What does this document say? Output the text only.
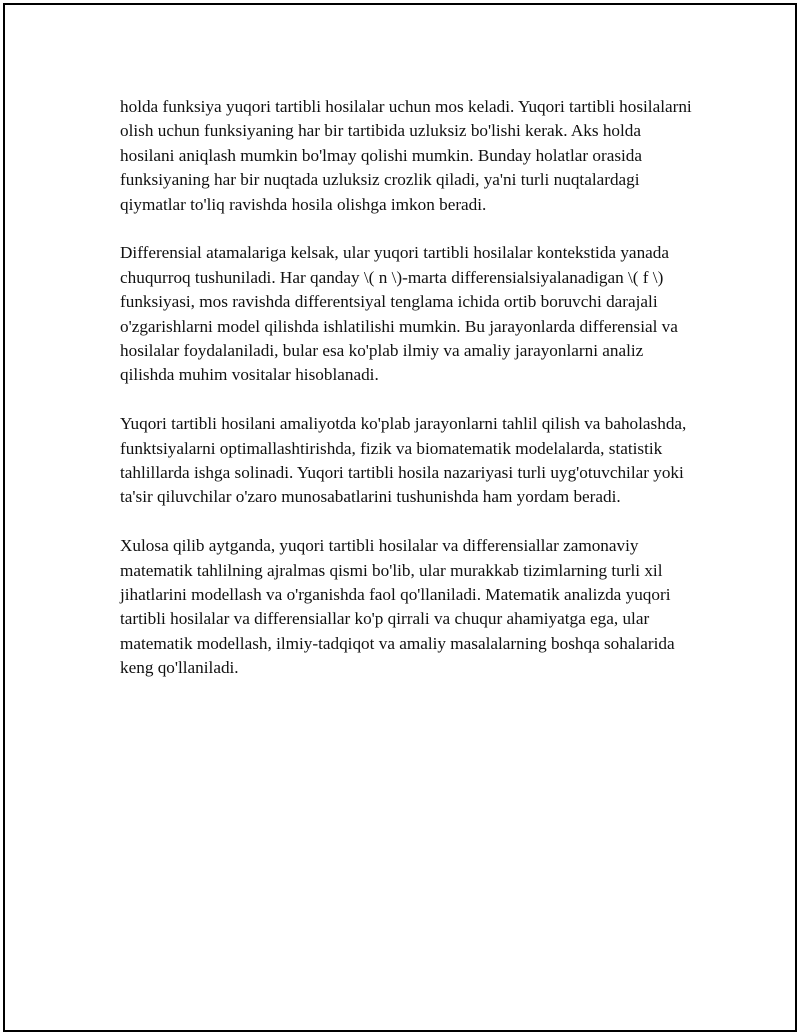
holda funksiya yuqori tartibli hosilalar uchun mos keladi. Yuqori tartibli hosilalarni olish uchun funksiyaning har bir tartibida uzluksiz bo'lishi kerak. Aks holda hosilani aniqlash mumkin bo'lmay qolishi mumkin. Bunday holatlar orasida funksiyaning har bir nuqtada uzluksiz crozlik qiladi, ya'ni turli nuqtalardagi qiymatlar to'liq ravishda hosila olishga imkon beradi.

Differensial atamalariga kelsak, ular yuqori tartibli hosilalar kontekstida yanada chuqurroq tushuniladi. Har qanday \( n \)-marta differensialsiyalanadigan \( f \) funksiyasi, mos ravishda differentsiyal tenglama ichida ortib boruvchi darajali o'zgarishlarni model qilishda ishlatilishi mumkin. Bu jarayonlarda differensial va hosilalar foydalaniladi, bular esa ko'plab ilmiy va amaliy jarayonlarni analiz qilishda muhim vositalar hisoblanadi.

Yuqori tartibli hosilani amaliyotda ko'plab jarayonlarni tahlil qilish va baholashda, funktsiyalarni optimallashtirishda, fizik va biomatematik modelalarda, statistik tahlillarda ishga solinadi. Yuqori tartibli hosila nazariyasi turli uyg'otuvchilar yoki ta'sir qiluvchilar o'zaro munosabatlarini tushunishda ham yordam beradi.

Xulosa qilib aytganda, yuqori tartibli hosilalar va differensiallar zamonaviy matematik tahlilning ajralmas qismi bo'lib, ular murakkab tizimlarning turli xil jihatlarini modellash va o'rganishda faol qo'llaniladi. Matematik analizda yuqori tartibli hosilalar va differensiallar ko'p qirrali va chuqur ahamiyatga ega, ular matematik modellash, ilmiy-tadqiqot va amaliy masalalarning boshqa sohalarida keng qo'llaniladi.
